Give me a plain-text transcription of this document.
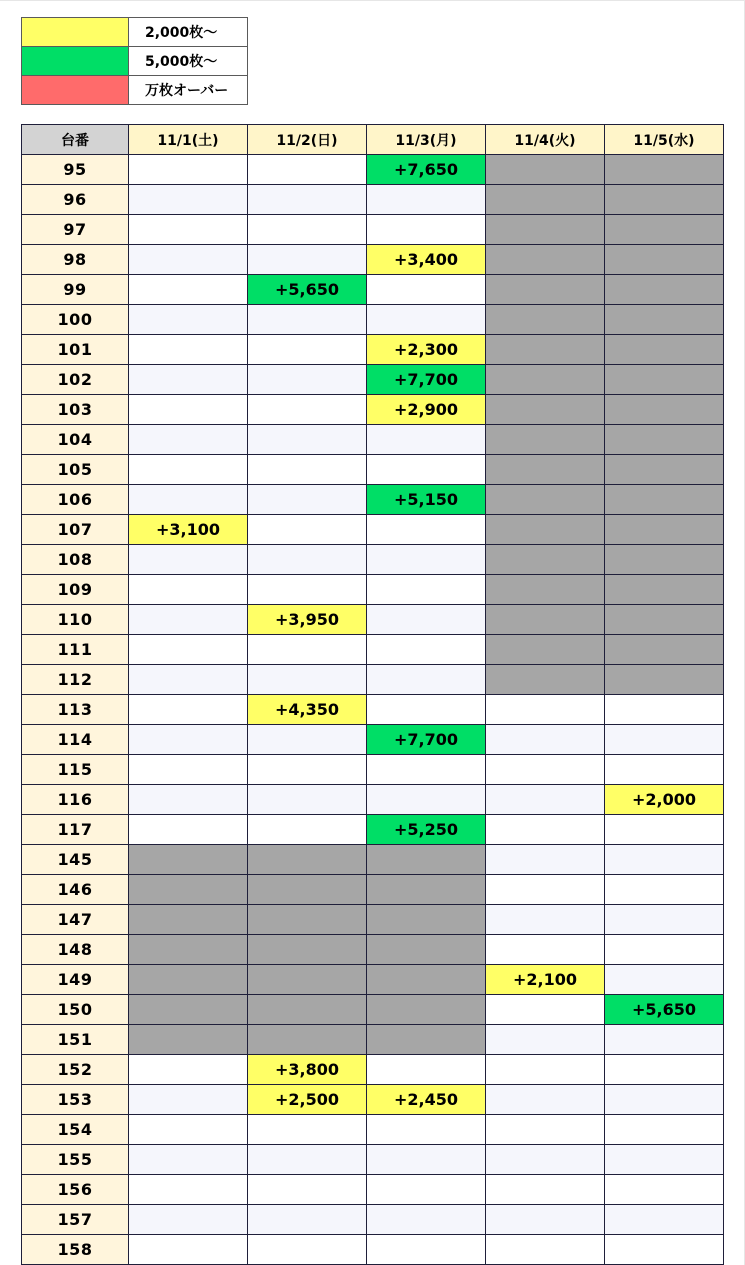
	2,000枚～
	5,000枚～
	万枚オーバー
台番	11/1(土)	11/2(日)	11/3(月)	11/4(火)	11/5(水)
95			+7,650		
96					
97					
98			+3,400		
99		+5,650			
100					
101			+2,300		
102			+7,700		
103			+2,900		
104					
105					
106			+5,150		
107	+3,100				
108					
109					
110		+3,950			
111					
112					
113		+4,350			
114			+7,700		
115					
116					+2,000
117			+5,250		
145					
146					
147					
148					
149				+2,100	
150					+5,650
151					
152		+3,800			
153		+2,500	+2,450		
154					
155					
156					
157					
158					
